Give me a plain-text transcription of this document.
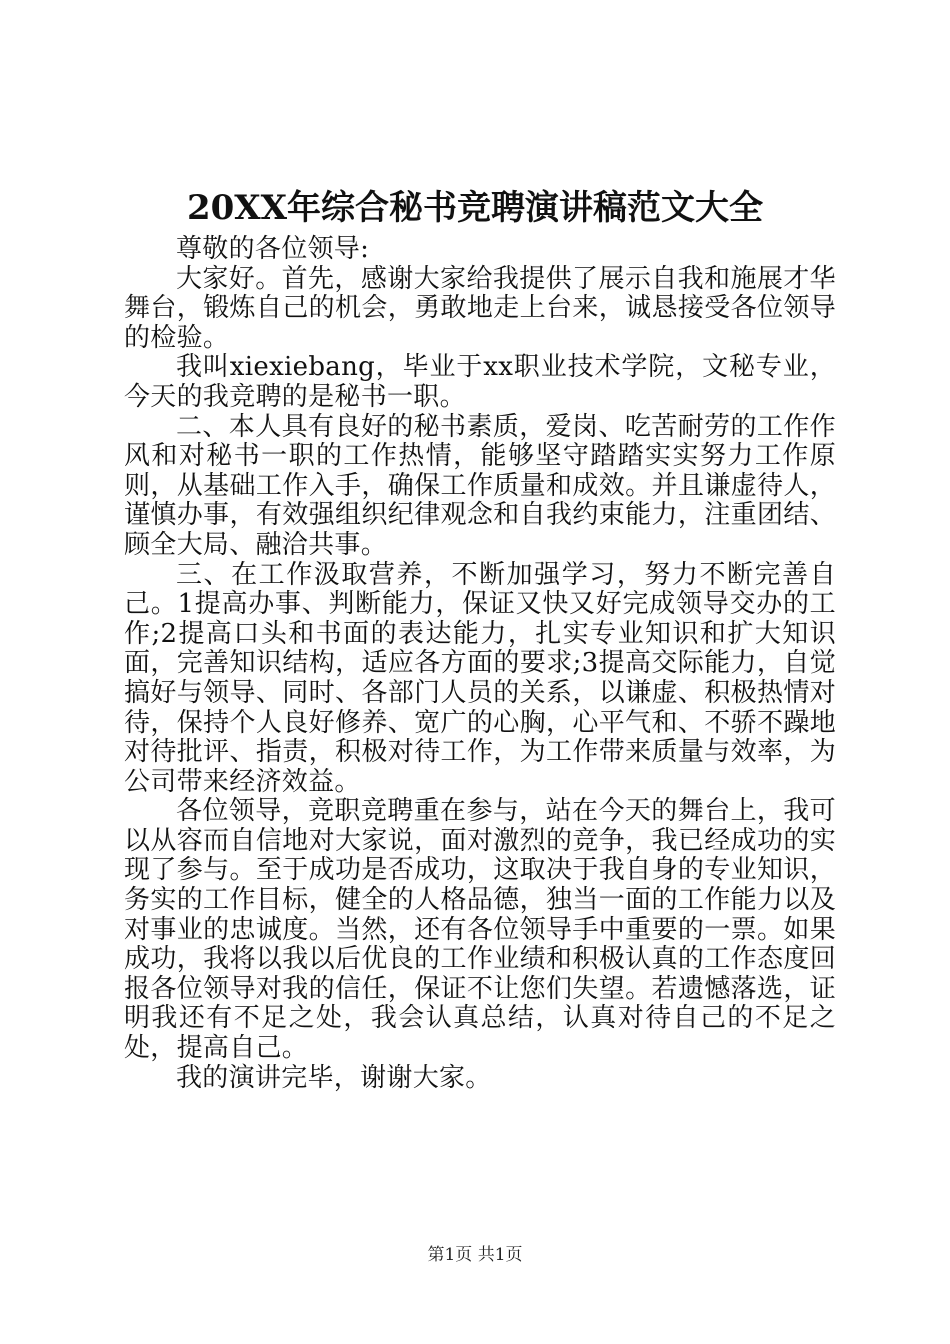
20XX年综合秘书竞聘演讲稿范文大全

尊敬的各位领导:

大家好。首先，感谢大家给我提供了展示自我和施展才华舞台，锻炼自己的机会，勇敢地走上台来，诚恳接受各位领导的检验。

我叫xiexiebang，毕业于xx职业技术学院，文秘专业，今天的我竞聘的是秘书一职。

二、本人具有良好的秘书素质，爱岗、吃苦耐劳的工作作风和对秘书一职的工作热情，能够坚守踏踏实实努力工作原则，从基础工作入手，确保工作质量和成效。并且谦虚待人，谨慎办事，有效强组织纪律观念和自我约束能力，注重团结、顾全大局、融洽共事。

三、在工作汲取营养，不断加强学习，努力不断完善自己。1提高办事、判断能力，保证又快又好完成领导交办的工作;2提高口头和书面的表达能力，扎实专业知识和扩大知识面，完善知识结构，适应各方面的要求;3提高交际能力，自觉搞好与领导、同时、各部门人员的关系，以谦虚、积极热情对待，保持个人良好修养、宽广的心胸，心平气和、不骄不躁地对待批评、指责，积极对待工作，为工作带来质量与效率，为公司带来经济效益。

各位领导，竞职竞聘重在参与，站在今天的舞台上，我可以从容而自信地对大家说，面对激烈的竞争，我已经成功的实现了参与。至于成功是否成功，这取决于我自身的专业知识，务实的工作目标，健全的人格品德，独当一面的工作能力以及对事业的忠诚度。当然，还有各位领导手中重要的一票。如果成功，我将以我以后优良的工作业绩和积极认真的工作态度回报各位领导对我的信任，保证不让您们失望。若遗憾落选，证明我还有不足之处，我会认真总结，认真对待自己的不足之处，提高自己。

我的演讲完毕，谢谢大家。

第1页 共1页
